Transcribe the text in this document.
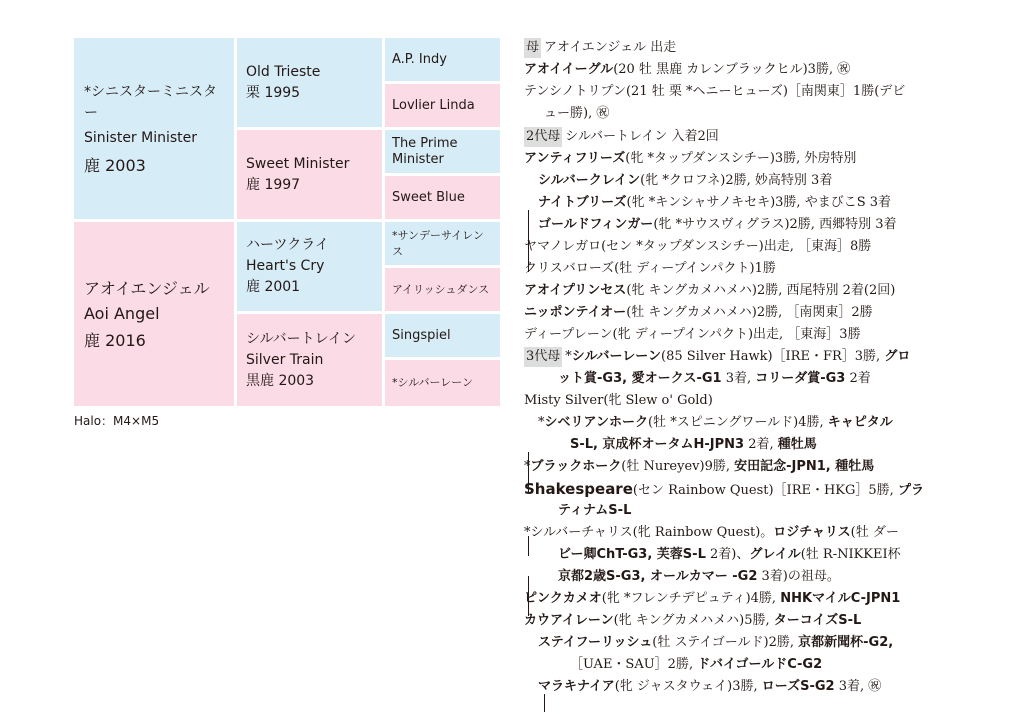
*シニスターミニスター
Sinister Minister
鹿 2003
アオイエンジェル
Aoi Angel
鹿 2016
Old Trieste
栗 1995
Sweet Minister
鹿 1997
ハーツクライ
Heart's Cry
鹿 2001
シルバートレイン
Silver Train
黒鹿 2003
A.P. Indy
Lovlier Linda
The Prime Minister
Sweet Blue
*サンデーサイレンス
アイリッシュダンス
Singspiel
*シルバーレーン
Halo：M4×M5
母 アオイエンジェル 出走
アオイイーグル(20 牡 黒鹿 カレンブラックヒル)3勝, ㊗
テンシノトリプン(21 牡 栗 *ヘニーヒューズ)［南関東］1勝(デビ
ュー勝), ㊗
2代母 シルバートレイン 入着2回
アンティフリーズ(牝 *タップダンスシチー)3勝, 外房特別
シルバークレイン(牝 *クロフネ)2勝, 妙高特別 3着
ナイトブリーズ(牝 *キンシャサノキセキ)3勝, やまびこS 3着
ゴールドフィンガー(牝 *サウスヴィグラス)2勝, 西郷特別 3着
ヤマノレガロ(セン *タップダンスシチー)出走, ［東海］8勝
クリスバローズ(牡 ディープインパクト)1勝
アオイプリンセス(牝 キングカメハメハ)2勝, 西尾特別 2着(2回)
ニッポンテイオー(牡 キングカメハメハ)2勝, ［南関東］2勝
ディープレーン(牝 ディープインパクト)出走, ［東海］3勝
3代母 *シルバーレーン(85 Silver Hawk)［IRE・FR］3勝, グロ
ット賞-G3, 愛オークス-G1 3着, コリーダ賞-G3 2着
Misty Silver(牝 Slew o' Gold)
*シベリアンホーク(牡 *スピニングワールド)4勝, キャピタル
S-L, 京成杯オータムH-JPN3 2着, 種牡馬
*ブラックホーク(牡 Nureyev)9勝, 安田記念-JPN1, 種牡馬
Shakespeare(セン Rainbow Quest)［IRE・HKG］5勝, プラ
ティナムS-L
*シルバーチャリス(牝 Rainbow Quest)。ロジチャリス(牡 ダー
ビー卿ChT-G3, 芙蓉S-L 2着)、グレイル(牡 R-NIKKEI杯
京都2歳S-G3, オールカマー -G2 3着)の祖母。
ピンクカメオ(牝 *フレンチデピュティ)4勝, NHKマイルC-JPN1
カウアイレーン(牝 キングカメハメハ)5勝, ターコイズS-L
ステイフーリッシュ(牡 ステイゴールド)2勝, 京都新聞杯-G2,
［UAE・SAU］2勝, ドバイゴールドC-G2
マラキナイア(牝 ジャスタウェイ)3勝, ローズS-G2 3着, ㊗
